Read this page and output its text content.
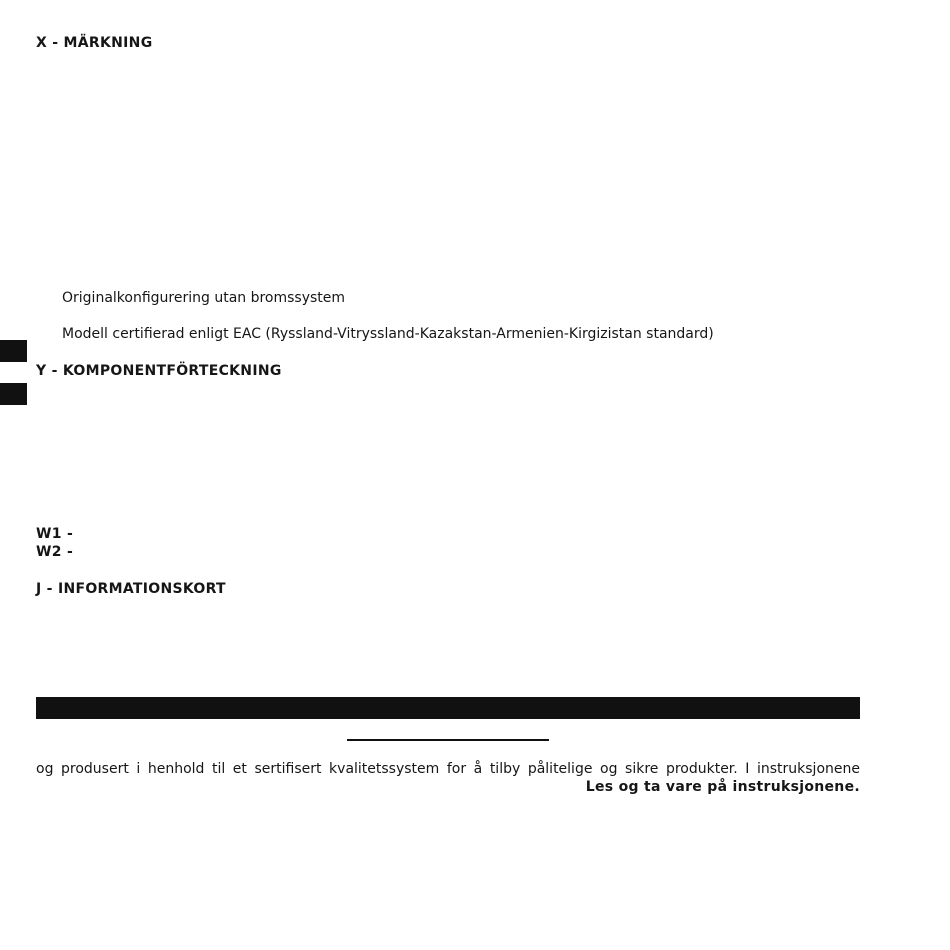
X - MÄRKNING
Originalkonfigurering utan bromssystem
Modell certifierad enligt EAC (Ryssland-Vitryssland-Kazakstan-Armenien-Kirgizistan standard)
Y - KOMPONENTFÖRTECKNING
W1 -
W2 -
J - INFORMATIONSKORT
og produsert i henhold til et sertifisert kvalitetssystem for å tilby pålitelige og sikre produkter. I instruksjonene
Les og ta vare på instruksjonene.
